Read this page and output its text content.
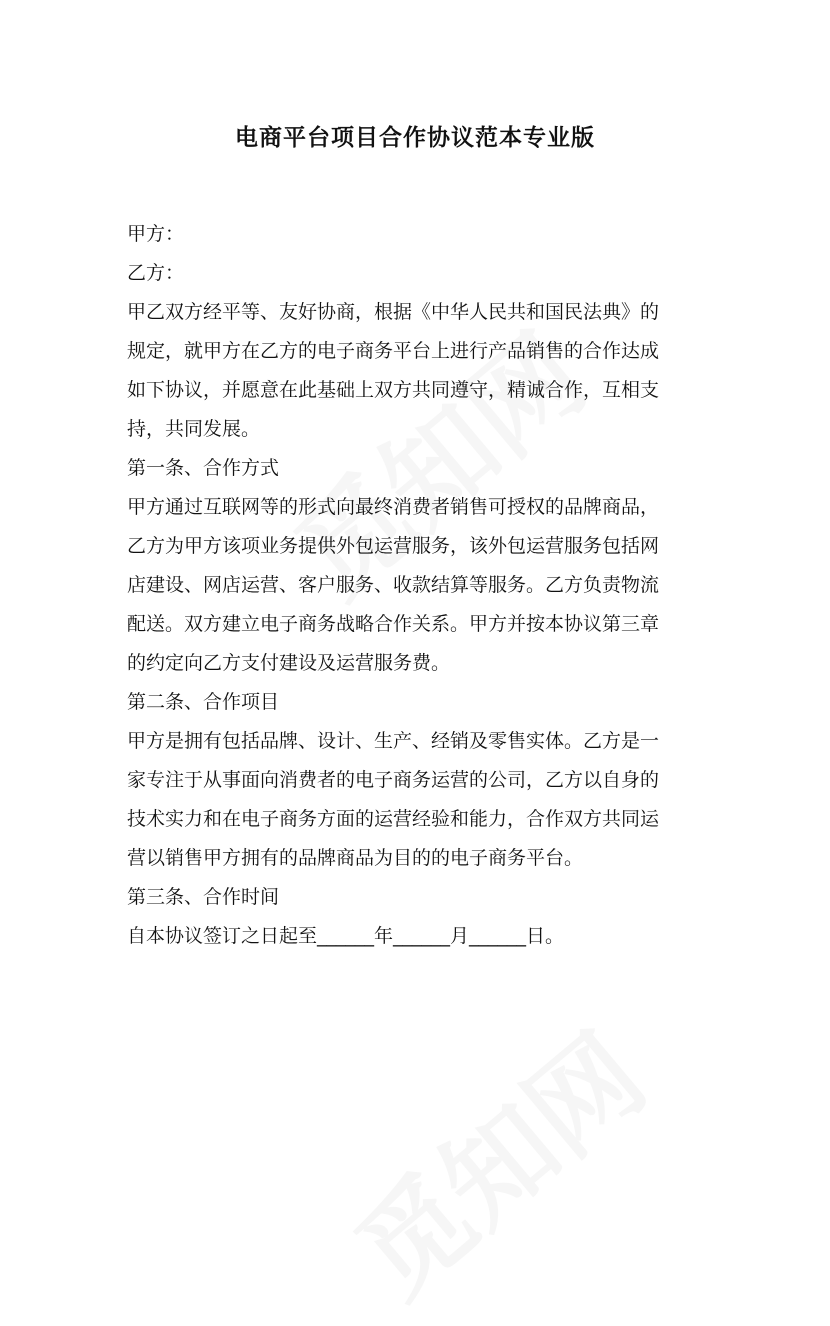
电商平台项目合作协议范本专业版

甲方：

乙方：

甲乙双方经平等、友好协商，根据《中华人民共和国民法典》的
规定，就甲方在乙方的电子商务平台上进行产品销售的合作达成
如下协议，并愿意在此基础上双方共同遵守，精诚合作，互相支
持，共同发展。

第一条、合作方式

甲方通过互联网等的形式向最终消费者销售可授权的品牌商品，
乙方为甲方该项业务提供外包运营服务，该外包运营服务包括网
店建设、网店运营、客户服务、收款结算等服务。乙方负责物流
配送。双方建立电子商务战略合作关系。甲方并按本协议第三章
的约定向乙方支付建设及运营服务费。

第二条、合作项目

甲方是拥有包括品牌、设计、生产、经销及零售实体。乙方是一
家专注于从事面向消费者的电子商务运营的公司，乙方以自身的
技术实力和在电子商务方面的运营经验和能力，合作双方共同运
营以销售甲方拥有的品牌商品为目的的电子商务平台。

第三条、合作时间

自本协议签订之日起至______年______月______日。
